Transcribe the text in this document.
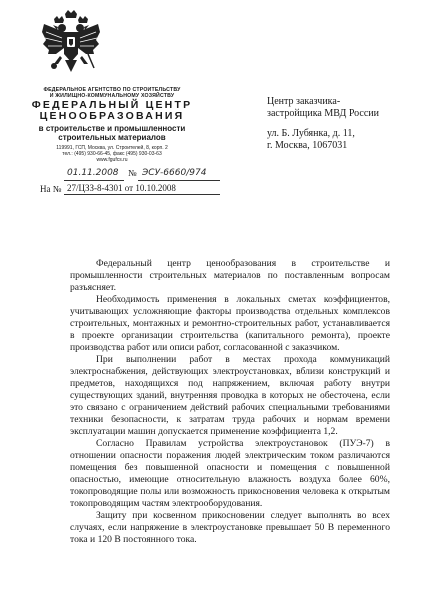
ФЕДЕРАЛЬНОЕ АГЕНТСТВО ПО СТРОИТЕЛЬСТВУ
И ЖИЛИЩНО-КОММУНАЛЬНОМУ ХОЗЯЙСТВУ
ФЕДЕРАЛЬНЫЙ ЦЕНТР
ЦЕНООБРАЗОВАНИЯ
в строительстве и промышленности
строительных материалов
119991, ГСП, Москва, ул. Строителей, 8, корп. 2
тел.: (495) 930-66-45, факс (495) 930-03-63
www.fgufcs.ru
01.11.2008 № ЭСУ-6660/974
На № 27/ЦЗЗ-8-4301 от 10.10.2008
Центр заказчика-
застройщика МВД России
ул. Б. Лубянка, д. 11,
г. Москва, 1067031

Федеральный центр ценообразования в строительстве и промышленности строительных материалов по поставленным вопросам разъясняет.

Необходимость применения в локальных сметах коэффициентов, учитывающих усложняющие факторы производства отдельных комплексов строительных, монтажных и ремонтно-строительных работ, устанавливается в проекте организации строительства (капитального ремонта), проекте производства работ или описи работ, согласованной с заказчиком.

При выполнении работ в местах прохода коммуникаций электроснабжения, действующих электроустановках, вблизи конструкций и предметов, находящихся под напряжением, включая работу внутри существующих зданий, внутренняя проводка в которых не обесточена, если это связано с ограничением действий рабочих специальными требованиями техники безопасности, к затратам труда рабочих и нормам времени эксплуатации машин допускается применение коэффициента 1,2.

Согласно Правилам устройства электроустановок (ПУЭ-7) в отношении опасности поражения людей электрическим током различаются помещения без повышенной опасности и помещения с повышенной опасностью, имеющие относительную влажность воздуха более 60%, токопроводящие полы или возможность прикосновения человека к открытым токопроводящим частям электрооборудования.

Защиту при косвенном прикосновении следует выполнять во всех случаях, если напряжение в электроустановке превышает 50 В переменного тока и 120 В постоянного тока.
